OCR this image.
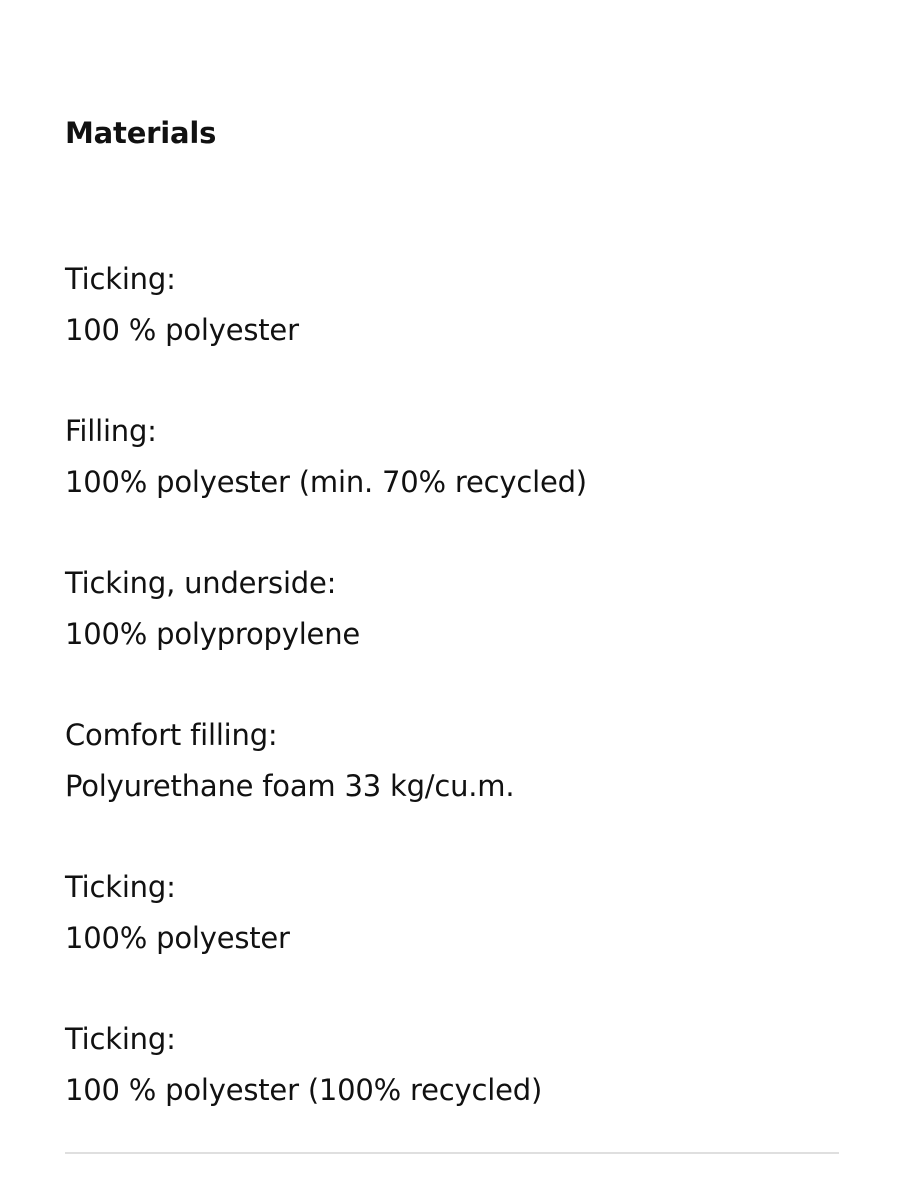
Materials
Ticking:
100 % polyester
Filling:
100% polyester (min. 70% recycled)
Ticking, underside:
100% polypropylene
Comfort filling:
Polyurethane foam 33 kg/cu.m.
Ticking:
100% polyester
Ticking:
100 % polyester (100% recycled)
